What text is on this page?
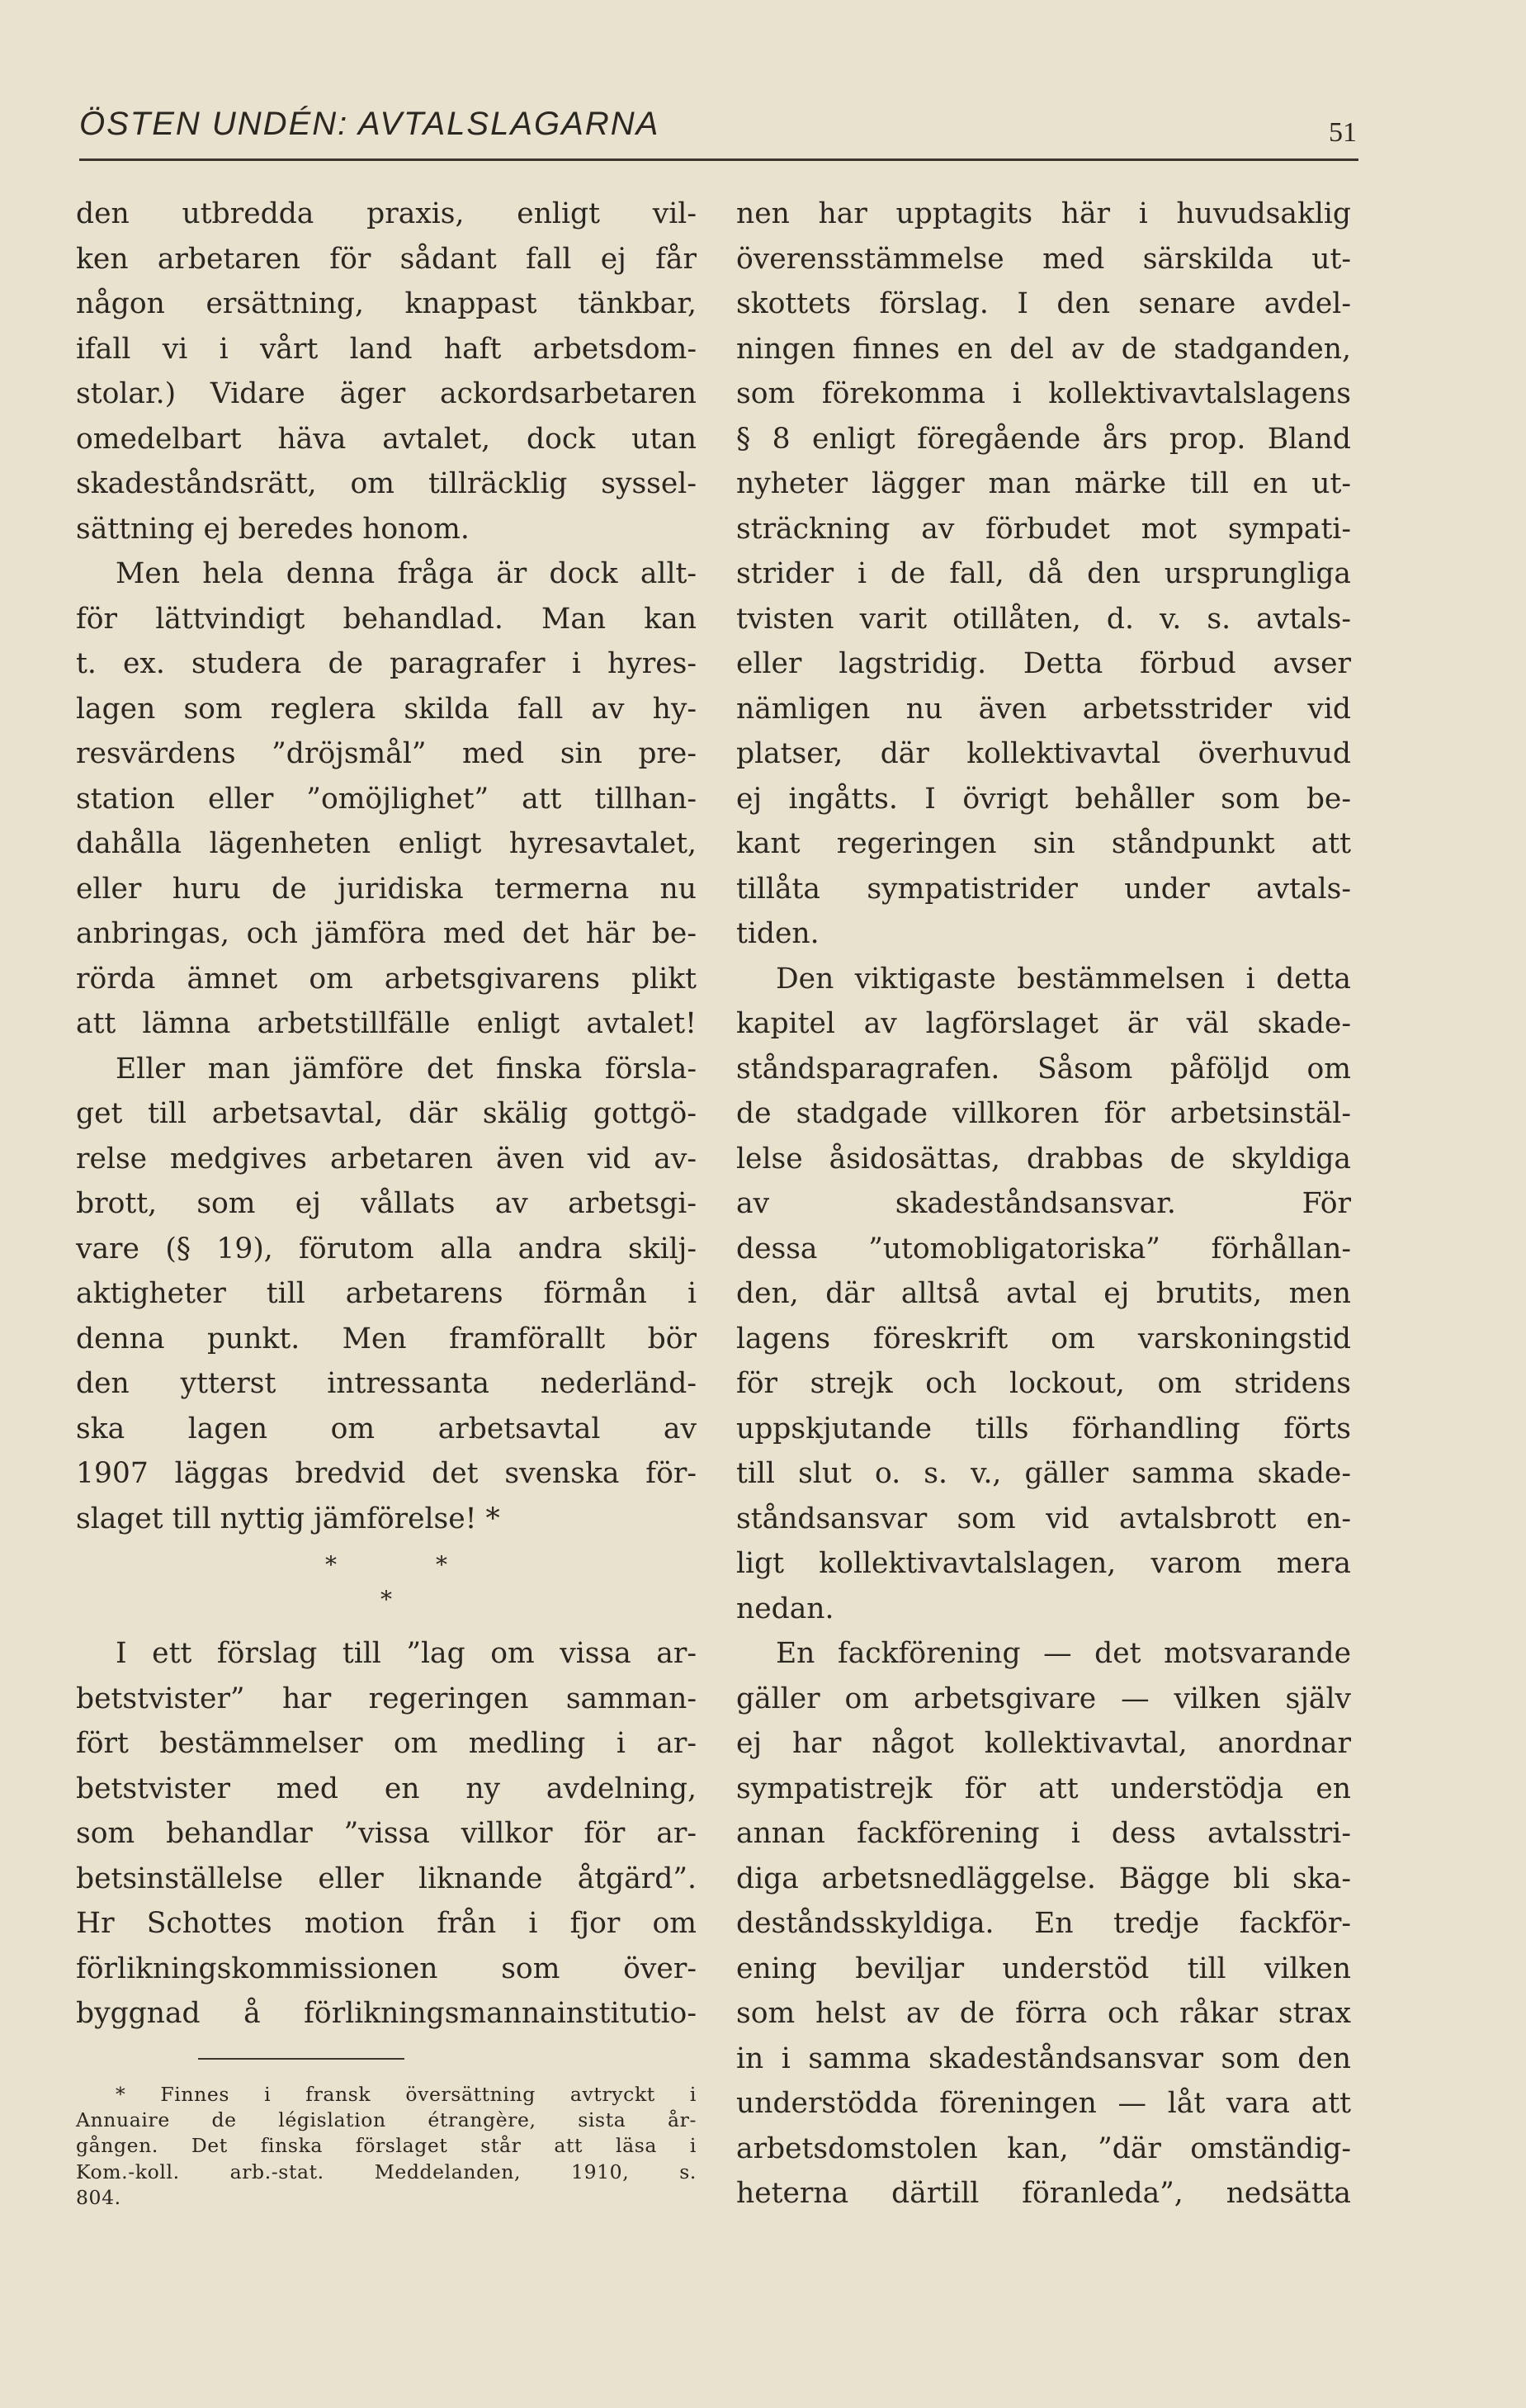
ÖSTEN UNDÉN: AVTALSLAGARNA	51
den utbredda praxis, enligt vil-
ken arbetaren för sådant fall ej får
någon ersättning, knappast tänkbar,
ifall vi i vårt land haft arbetsdom-
stolar.) Vidare äger ackordsarbetaren
omedelbart häva avtalet, dock utan
skadeståndsrätt, om tillräcklig syssel-
sättning ej beredes honom.
Men hela denna fråga är dock allt-
för lättvindigt behandlad. Man kan
t. ex. studera de paragrafer i hyres-
lagen som reglera skilda fall av hy-
resvärdens ”dröjsmål” med sin pre-
station eller ”omöjlighet” att tillhan-
dahålla lägenheten enligt hyresavtalet,
eller huru de juridiska termerna nu
anbringas, och jämföra med det här be-
rörda ämnet om arbetsgivarens plikt
att lämna arbetstillfälle enligt avtalet!
Eller man jämföre det finska försla-
get till arbetsavtal, där skälig gottgö-
relse medgives arbetaren även vid av-
brott, som ej vållats av arbetsgi-
vare (§ 19), förutom alla andra skilj-
aktigheter till arbetarens förmån i
denna punkt. Men framförallt bör
den ytterst intressanta nederländ-
ska lagen om arbetsavtal av
1907 läggas bredvid det svenska för-
slaget till nyttig jämförelse! *
*	*
*
I ett förslag till ”lag om vissa ar-
betstvister” har regeringen samman-
fört bestämmelser om medling i ar-
betstvister med en ny avdelning,
som behandlar ”vissa villkor för ar-
betsinställelse eller liknande åtgärd”.
Hr Schottes motion från i fjor om
förlikningskommissionen som över-
byggnad å förlikningsmannainstitutio-
* Finnes i fransk översättning avtryckt i
Annuaire de législation étrangère, sista år-
gången. Det finska förslaget står att läsa i
Kom.-koll. arb.-stat. Meddelanden, 1910, s.
804.
nen har upptagits här i huvudsaklig
överensstämmelse med särskilda ut-
skottets förslag. I den senare avdel-
ningen finnes en del av de stadganden,
som förekomma i kollektivavtalslagens
§ 8 enligt föregående års prop. Bland
nyheter lägger man märke till en ut-
sträckning av förbudet mot sympati-
strider i de fall, då den ursprungliga
tvisten varit otillåten, d. v. s. avtals-
eller lagstridig. Detta förbud avser
nämligen nu även arbetsstrider vid
platser, där kollektivavtal överhuvud
ej ingåtts. I övrigt behåller som be-
kant regeringen sin ståndpunkt att
tillåta sympatistrider under avtals-
tiden.
Den viktigaste bestämmelsen i detta
kapitel av lagförslaget är väl skade-
ståndsparagrafen. Såsom påföljd om
de stadgade villkoren för arbetsinstäl-
lelse åsidosättas, drabbas de skyldiga
av skadeståndsansvar. För
dessa ”utomobligatoriska” förhållan-
den, där alltså avtal ej brutits, men
lagens föreskrift om varskoningstid
för strejk och lockout, om stridens
uppskjutande tills förhandling förts
till slut o. s. v., gäller samma skade-
ståndsansvar som vid avtalsbrott en-
ligt kollektivavtalslagen, varom mera
nedan.
En fackförening — det motsvarande
gäller om arbetsgivare — vilken själv
ej har något kollektivavtal, anordnar
sympatistrejk för att understödja en
annan fackförening i dess avtalsstri-
diga arbetsnedläggelse. Bägge bli ska-
deståndsskyldiga. En tredje fackför-
ening beviljar understöd till vilken
som helst av de förra och råkar strax
in i samma skadeståndsansvar som den
understödda föreningen — låt vara att
arbetsdomstolen kan, ”där omständig-
heterna därtill föranleda”, nedsätta
